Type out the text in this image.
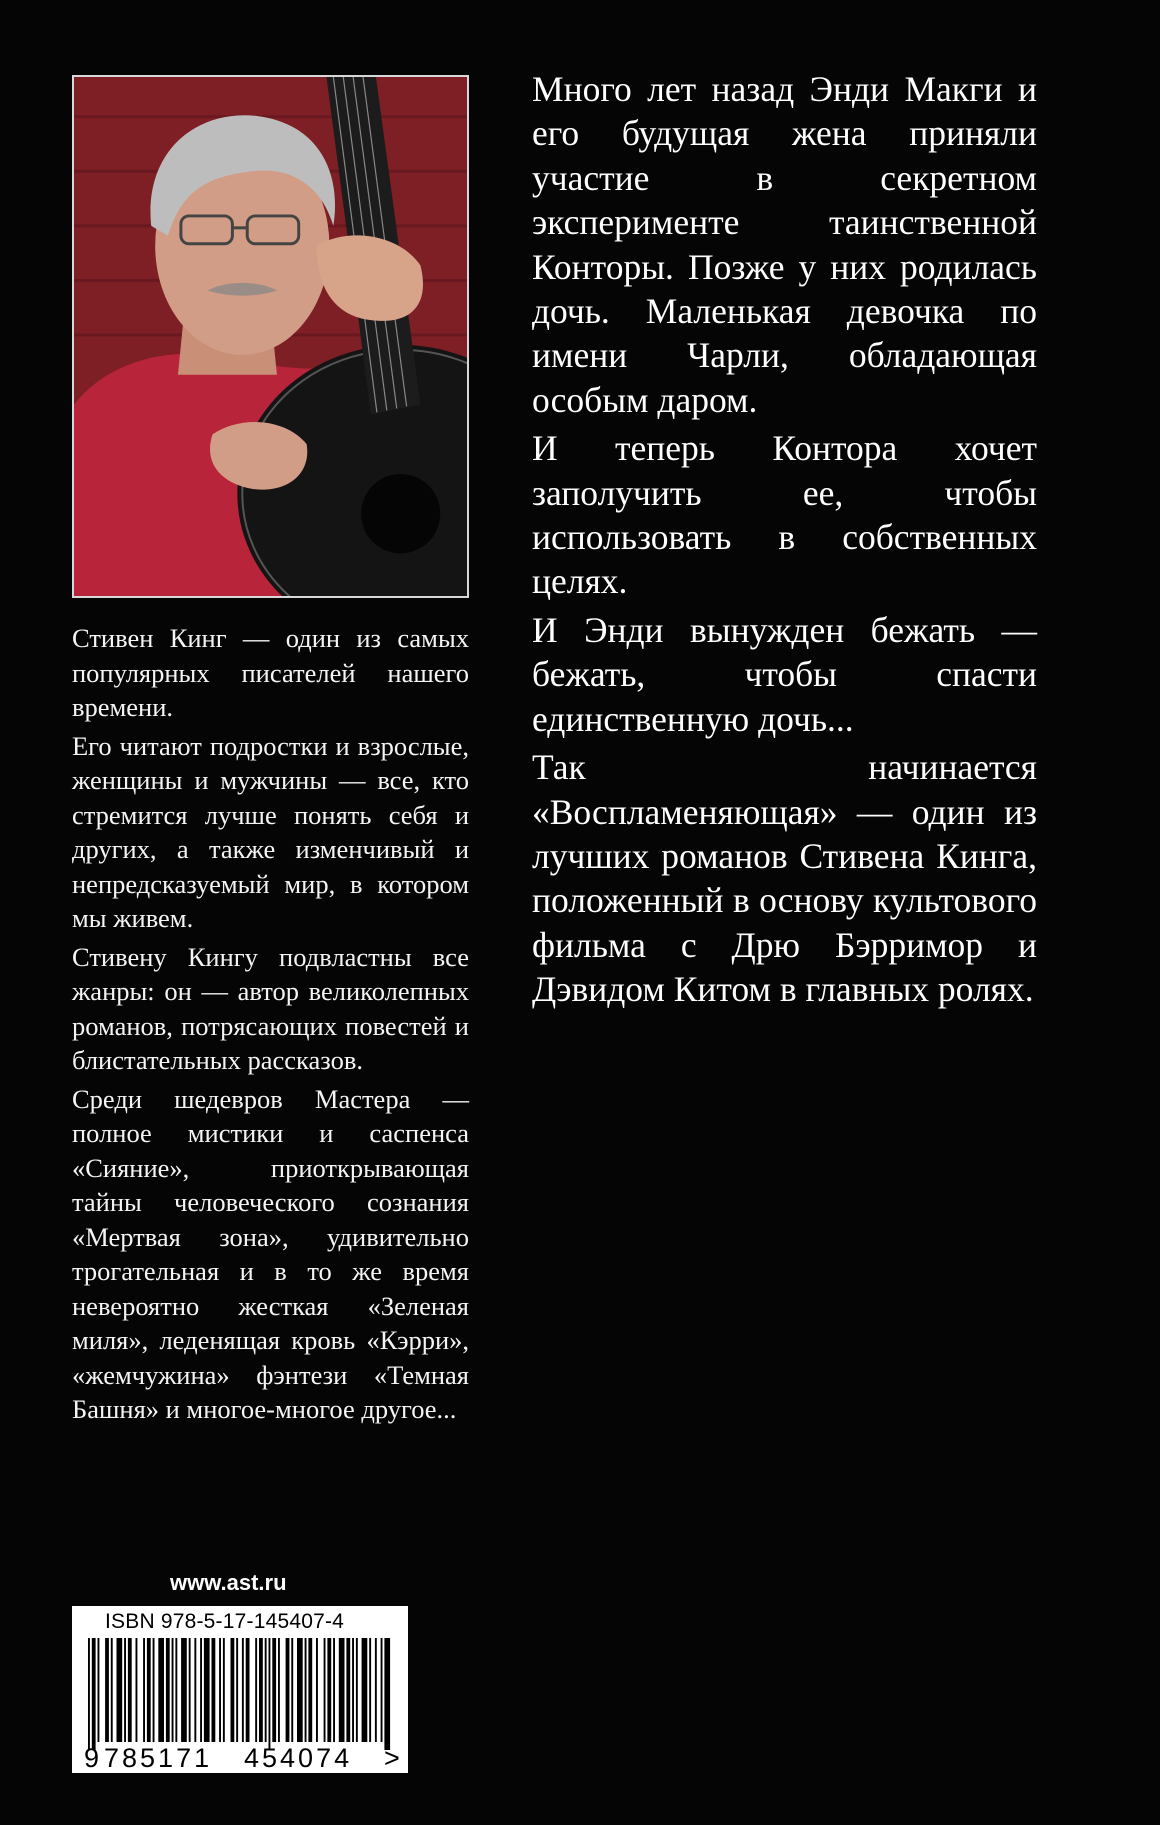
Стивен Кинг — один из самых популярных писателей нашего времени.

Его читают подростки и взрослые, женщины и мужчины — все, кто стремится лучше понять себя и других, а также изменчивый и непредсказуемый мир, в котором мы живем.

Стивену Кингу подвластны все жанры: он — автор великолепных романов, потрясающих повестей и блистательных рассказов.

Среди шедевров Мастера — полное мистики и саспенса «Сияние», приоткрывающая тайны человеческого сознания «Мертвая зона», удивительно трогательная и в то же время невероятно жесткая «Зеленая миля», леденящая кровь «Кэрри», «жемчужина» фэнтези «Темная Башня» и многое-многое другое...

Много лет назад Энди Макги и его будущая жена приняли участие в секретном эксперименте таинственной Конторы. Позже у них родилась дочь. Маленькая девочка по имени Чарли, обладающая особым даром.

И теперь Контора хочет заполучить ее, чтобы использовать в собственных целях.

И Энди вынужден бежать — бежать, чтобы спасти единственную дочь...

Так начинается «Воспламеняющая» — один из лучших романов Стивена Кинга, положенный в основу культового фильма с Дрю Бэрримор и Дэвидом Китом в главных ролях.

www.ast.ru
ISBN 978-5-17-145407-4
9 785171 454074 >
